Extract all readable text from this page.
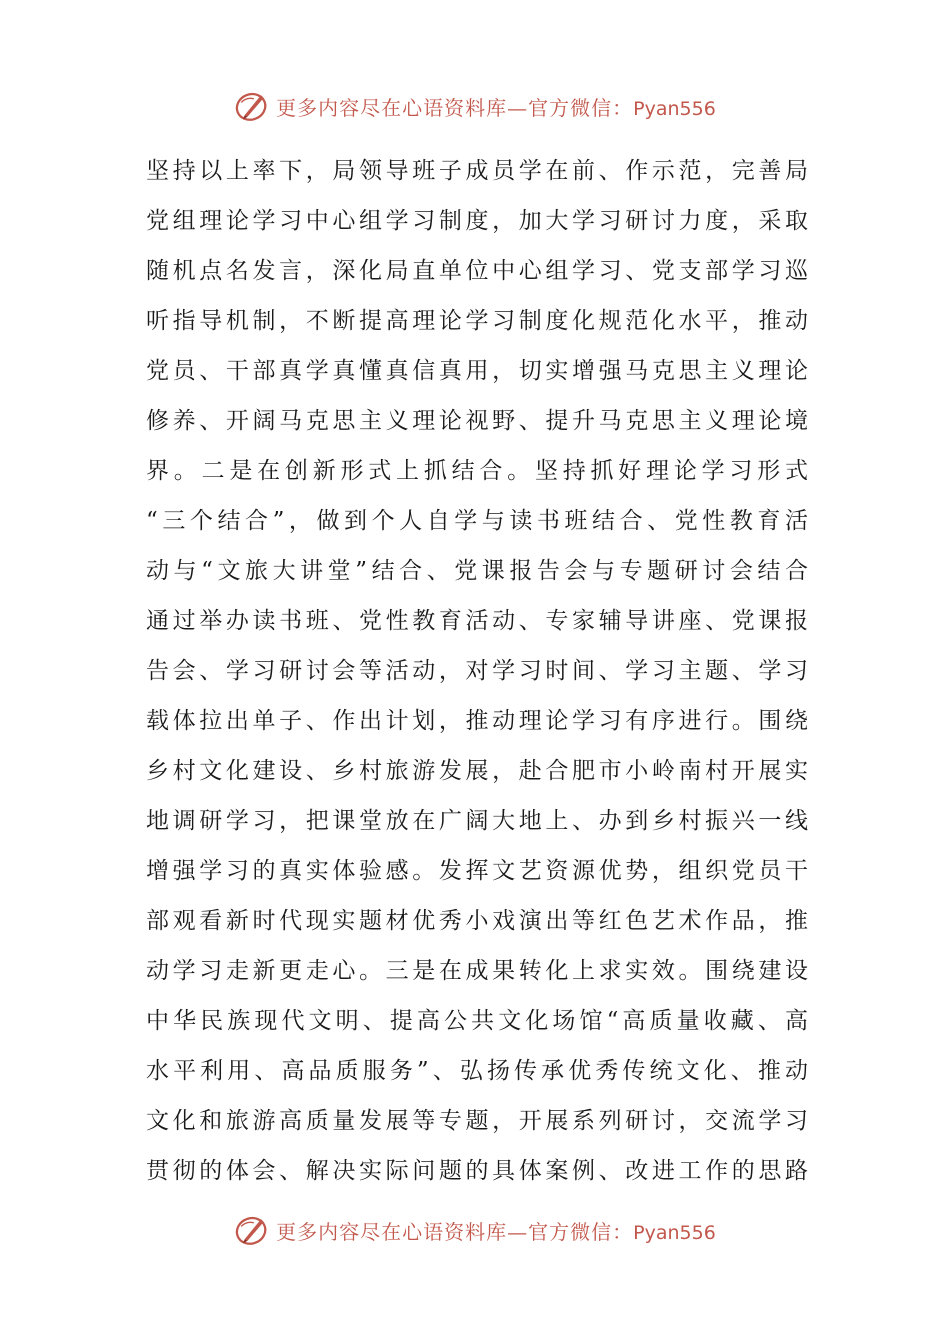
更多内容尽在心语资料库—官方微信：Pyan556
坚持以上率下，局领导班子成员学在前、作示范，完善局
党组理论学习中心组学习制度，加大学习研讨力度，采取
随机点名发言，深化局直单位中心组学习、党支部学习巡
听指导机制，不断提高理论学习制度化规范化水平，推动
党员、干部真学真懂真信真用，切实增强马克思主义理论
修养、开阔马克思主义理论视野、提升马克思主义理论境
界。二是在创新形式上抓结合。坚持抓好理论学习形式
“三个结合”，做到个人自学与读书班结合、党性教育活
动与“文旅大讲堂”结合、党课报告会与专题研讨会结合
通过举办读书班、党性教育活动、专家辅导讲座、党课报
告会、学习研讨会等活动，对学习时间、学习主题、学习
载体拉出单子、作出计划，推动理论学习有序进行。围绕
乡村文化建设、乡村旅游发展，赴合肥市小岭南村开展实
地调研学习，把课堂放在广阔大地上、办到乡村振兴一线
增强学习的真实体验感。发挥文艺资源优势，组织党员干
部观看新时代现实题材优秀小戏演出等红色艺术作品，推
动学习走新更走心。三是在成果转化上求实效。围绕建设
中华民族现代文明、提高公共文化场馆“高质量收藏、高
水平利用、高品质服务”、弘扬传承优秀传统文化、推动
文化和旅游高质量发展等专题，开展系列研讨，交流学习
贯彻的体会、解决实际问题的具体案例、改进工作的思路
更多内容尽在心语资料库—官方微信：Pyan556
